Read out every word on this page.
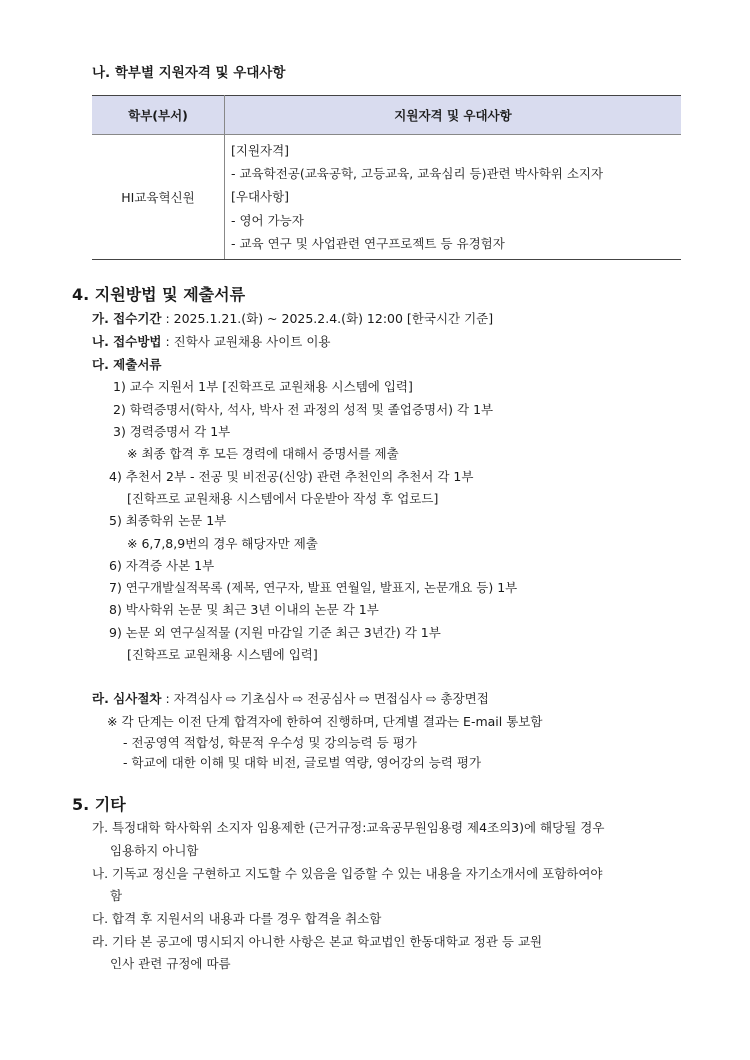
나. 학부별 지원자격 및 우대사항
학부(부서)	지원자격 및 우대사항
HI교육혁신원	[지원자격]
- 교육학전공(교육공학, 고등교육, 교육심리 등)관련 박사학위 소지자
[우대사항]
- 영어 가능자
- 교육 연구 및 사업관련 연구프로젝트 등 유경험자
4. 지원방법 및 제출서류
가. 접수기간 : 2025.1.21.(화) ~ 2025.2.4.(화) 12:00 [한국시간 기준]
나. 접수방법 : 진학사 교원채용 사이트 이용
다. 제출서류
1) 교수 지원서 1부 [진학프로 교원채용 시스템에 입력]
2) 학력증명서(학사, 석사, 박사 전 과정의 성적 및 졸업증명서) 각 1부
3) 경력증명서 각 1부
※ 최종 합격 후 모든 경력에 대해서 증명서를 제출
4) 추천서 2부 - 전공 및 비전공(신앙) 관련 추천인의 추천서 각 1부
[진학프로 교원채용 시스템에서 다운받아 작성 후 업로드]
5) 최종학위 논문 1부
※ 6,7,8,9번의 경우 해당자만 제출
6) 자격증 사본 1부
7) 연구개발실적목록 (제목, 연구자, 발표 연월일, 발표지, 논문개요 등) 1부
8) 박사학위 논문 및 최근 3년 이내의 논문 각 1부
9) 논문 외 연구실적물 (지원 마감일 기준 최근 3년간) 각 1부
[진학프로 교원채용 시스템에 입력]
라. 심사절차 : 자격심사 ⇨ 기초심사 ⇨ 전공심사 ⇨ 면접심사 ⇨ 총장면접
※ 각 단계는 이전 단계 합격자에 한하여 진행하며, 단계별 결과는 E-mail 통보함
- 전공영역 적합성, 학문적 우수성 및 강의능력 등 평가
- 학교에 대한 이해 및 대학 비전, 글로벌 역량, 영어강의 능력 평가
5. 기타
가. 특정대학 학사학위 소지자 임용제한 (근거규정:교육공무원임용령 제4조의3)에 해당될 경우
임용하지 아니함
나. 기독교 정신을 구현하고 지도할 수 있음을 입증할 수 있는 내용을 자기소개서에 포함하여야
함
다. 합격 후 지원서의 내용과 다를 경우 합격을 취소함
라. 기타 본 공고에 명시되지 아니한 사항은 본교 학교법인 한동대학교 정관 등 교원
인사 관련 규정에 따름
